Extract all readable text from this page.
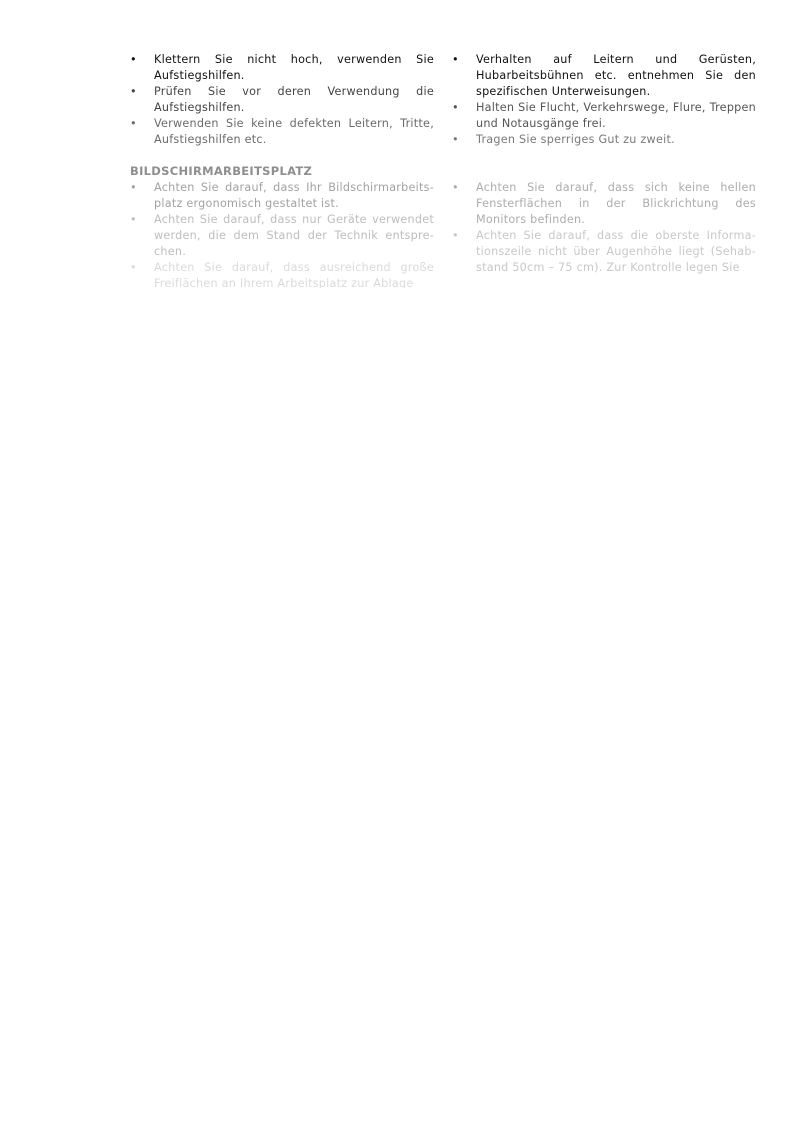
• Klettern Sie nicht hoch, verwenden Sie Aufstiegshilfen.
• Prüfen Sie vor deren Verwendung die Aufstiegshilfen.
• Verwenden Sie keine defekten Leitern, Tritte, Aufstiegshilfen etc.
• Verhalten auf Leitern und Gerüsten, Hubarbeitsbühnen etc. entnehmen Sie den spezifischen Unterweisungen.
• Halten Sie Flucht, Verkehrswege, Flure, Treppen und Notausgänge frei.
• Tragen Sie sperriges Gut zu zweit.
BILDSCHIRMARBEITSPLATZ
• Achten Sie darauf, dass Ihr Bildschirmarbeits-platz ergonomisch gestaltet ist.
• Achten Sie darauf, dass nur Geräte verwendet werden, die dem Stand der Technik entspre-chen.
• Achten Sie darauf, dass ausreichend große Freiflächen an Ihrem Arbeitsplatz zur Ablage
• Achten Sie darauf, dass sich keine hellen Fensterflächen in der Blickrichtung des Monitors befinden.
• Achten Sie darauf, dass die oberste Informa-tionszeile nicht über Augenhöhe liegt (Sehab-stand 50cm – 75 cm). Zur Kontrolle legen Sie
